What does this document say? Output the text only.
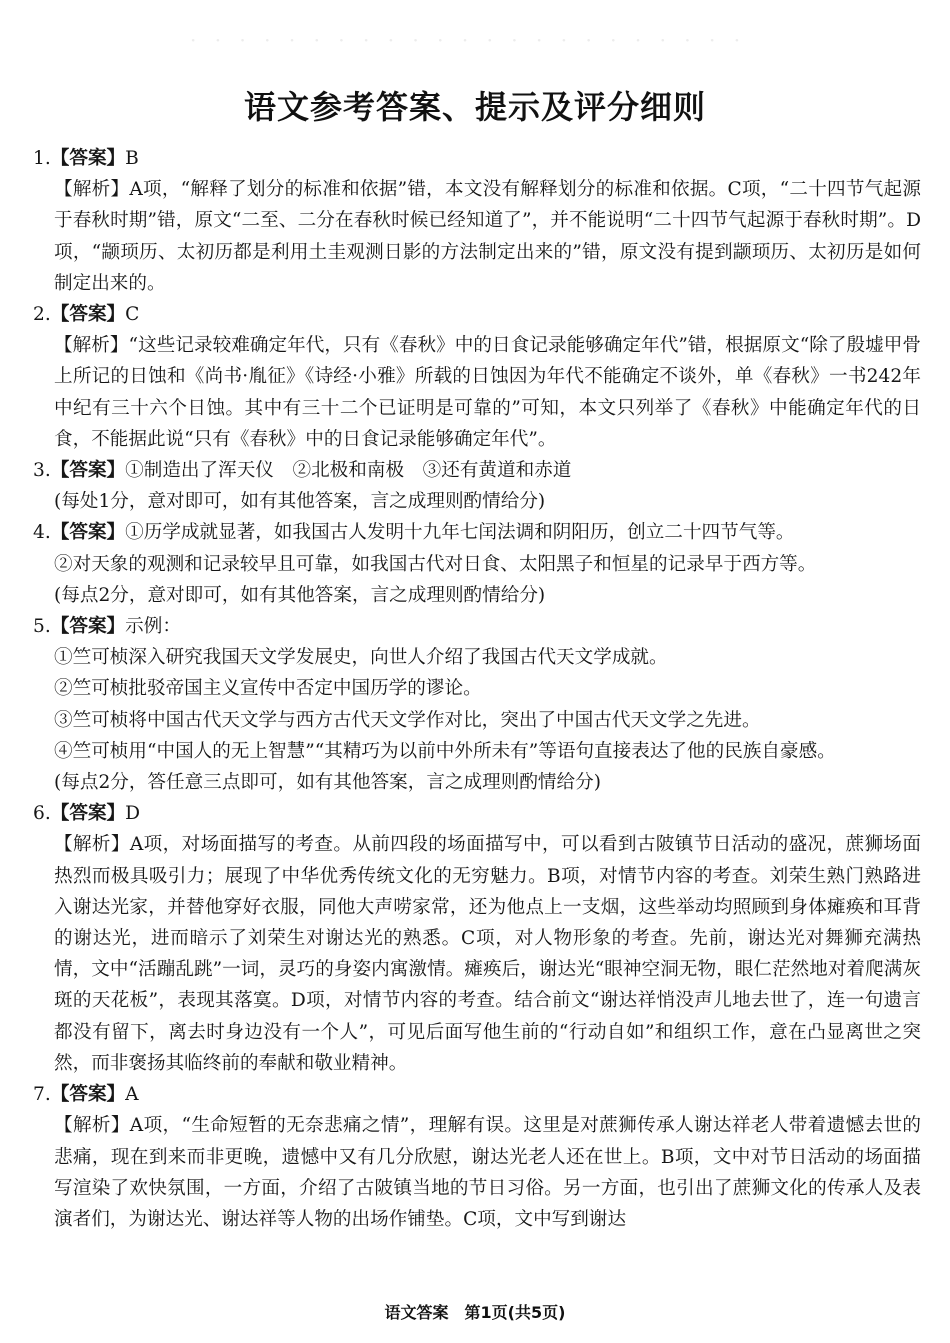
· · · · · · · · · · · · · · · · · · · · · · ·
语文参考答案、提示及评分细则
1.【答案】B
【解析】A项，“解释了划分的标准和依据”错，本文没有解释划分的标准和依据。C项，“二十四节气起源于春秋时期”错，原文“二至、二分在春秋时候已经知道了”，并不能说明“二十四节气起源于春秋时期”。D项，“颛顼历、太初历都是利用土圭观测日影的方法制定出来的”错，原文没有提到颛顼历、太初历是如何制定出来的。
2.【答案】C
【解析】“这些记录较难确定年代，只有《春秋》中的日食记录能够确定年代”错，根据原文“除了殷墟甲骨上所记的日蚀和《尚书·胤征》《诗经·小雅》所载的日蚀因为年代不能确定不谈外，单《春秋》一书242年中纪有三十六个日蚀。其中有三十二个已证明是可靠的”可知，本文只列举了《春秋》中能确定年代的日食，不能据此说“只有《春秋》中的日食记录能够确定年代”。
3.【答案】①制造出了浑天仪　②北极和南极　③还有黄道和赤道
(每处1分，意对即可，如有其他答案，言之成理则酌情给分)
4.【答案】①历学成就显著，如我国古人发明十九年七闰法调和阴阳历，创立二十四节气等。
②对天象的观测和记录较早且可靠，如我国古代对日食、太阳黑子和恒星的记录早于西方等。
(每点2分，意对即可，如有其他答案，言之成理则酌情给分)
5.【答案】示例：
①竺可桢深入研究我国天文学发展史，向世人介绍了我国古代天文学成就。
②竺可桢批驳帝国主义宣传中否定中国历学的谬论。
③竺可桢将中国古代天文学与西方古代天文学作对比，突出了中国古代天文学之先进。
④竺可桢用“中国人的无上智慧”“其精巧为以前中外所未有”等语句直接表达了他的民族自豪感。
(每点2分，答任意三点即可，如有其他答案，言之成理则酌情给分)
6.【答案】D
【解析】A项，对场面描写的考查。从前四段的场面描写中，可以看到古陂镇节日活动的盛况，蔗狮场面热烈而极具吸引力；展现了中华优秀传统文化的无穷魅力。B项，对情节内容的考查。刘荣生熟门熟路进入谢达光家，并替他穿好衣服，同他大声唠家常，还为他点上一支烟，这些举动均照顾到身体瘫痪和耳背的谢达光，进而暗示了刘荣生对谢达光的熟悉。C项，对人物形象的考查。先前，谢达光对舞狮充满热情，文中“活蹦乱跳”一词，灵巧的身姿内寓激情。瘫痪后，谢达光“眼神空洞无物，眼仁茫然地对着爬满灰斑的天花板”，表现其落寞。D项，对情节内容的考查。结合前文“谢达祥悄没声儿地去世了，连一句遗言都没有留下，离去时身边没有一个人”，可见后面写他生前的“行动自如”和组织工作，意在凸显离世之突然，而非褒扬其临终前的奉献和敬业精神。
7.【答案】A
【解析】A项，“生命短暂的无奈悲痛之情”，理解有误。这里是对蔗狮传承人谢达祥老人带着遗憾去世的悲痛，现在到来而非更晚，遗憾中又有几分欣慰，谢达光老人还在世上。B项，文中对节日活动的场面描写渲染了欢快氛围，一方面，介绍了古陂镇当地的节日习俗。另一方面，也引出了蔗狮文化的传承人及表演者们，为谢达光、谢达祥等人物的出场作铺垫。C项，文中写到谢达
语文答案　第1页(共5页)
